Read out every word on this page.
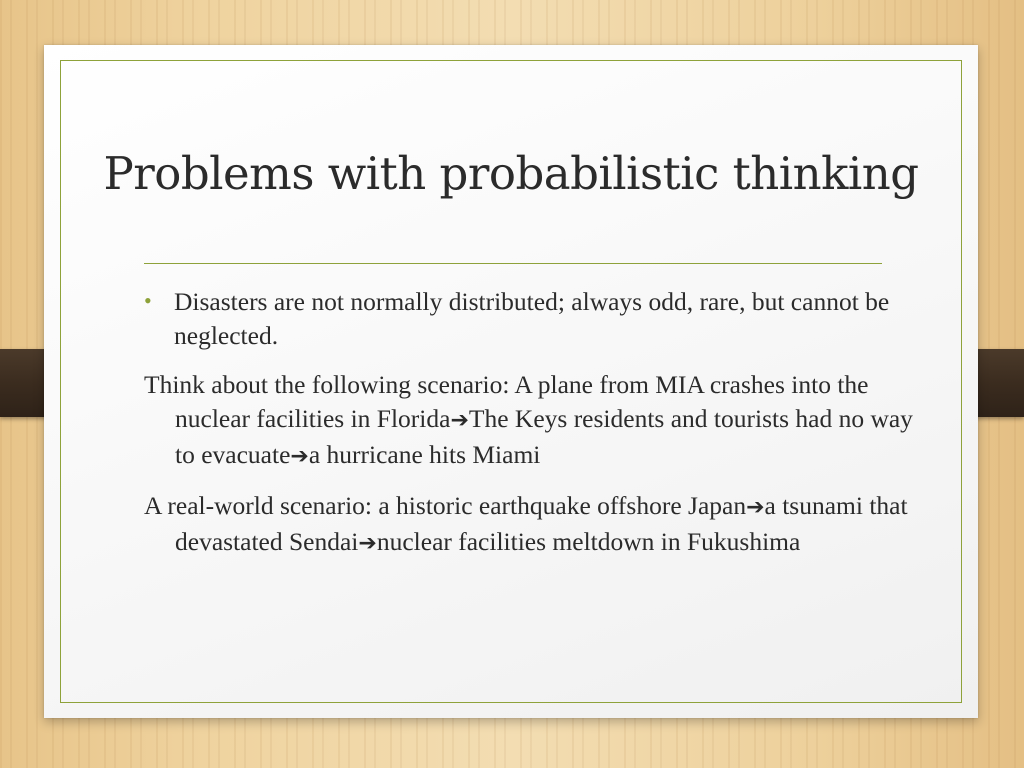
Problems with probabilistic thinking
• Disasters are not normally distributed; always odd, rare, but cannot be neglected.

Think about the following scenario: A plane from MIA crashes into the nuclear facilities in Florida➔The Keys residents and tourists had no way to evacuate➔a hurricane hits Miami

A real-world scenario: a historic earthquake offshore Japan➔a tsunami that devastated Sendai➔nuclear facilities meltdown in Fukushima
